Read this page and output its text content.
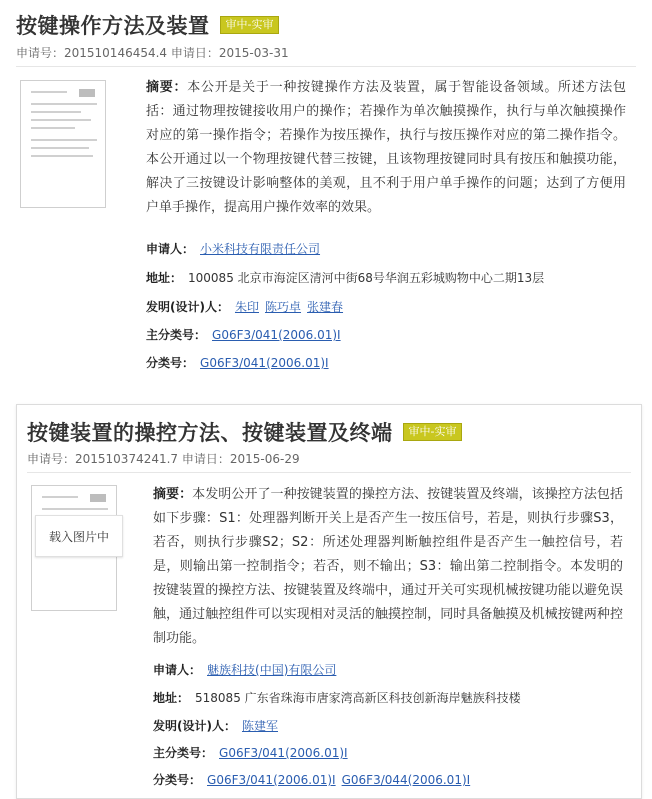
按键操作方法及装置	审中-实审
申请号：201510146454.4 申请日：2015-03-31
摘要：本公开是关于一种按键操作方法及装置，属于智能设备领域。所述方法包括：通过物理按键接收用户的操作；若操作为单次触摸操作，执行与单次触摸操作对应的第一操作指令；若操作为按压操作，执行与按压操作对应的第二操作指令。本公开通过以一个物理按键代替三按键，且该物理按键同时具有按压和触摸功能，解决了三按键设计影响整体的美观，且不利于用户单手操作的问题；达到了方便用户单手操作，提高用户操作效率的效果。
申请人： 小米科技有限责任公司
地址： 100085 北京市海淀区清河中街68号华润五彩城购物中心二期13层
发明(设计)人： 朱印 陈巧卓 张建春
主分类号： G06F3/041(2006.01)I
分类号： G06F3/041(2006.01)I
按键装置的操控方法、按键装置及终端	审中-实审
申请号：201510374241.7 申请日：2015-06-29
载入图片中
摘要：本发明公开了一种按键装置的操控方法、按键装置及终端，该操控方法包括如下步骤：S1：处理器判断开关上是否产生一按压信号，若是，则执行步骤S3，若否，则执行步骤S2；S2：所述处理器判断触控组件是否产生一触控信号，若是，则输出第一控制指令；若否，则不输出；S3：输出第二控制指令。本发明的按键装置的操控方法、按键装置及终端中，通过开关可实现机械按键功能以避免误触，通过触控组件可以实现相对灵活的触摸控制，同时具备触摸及机械按键两种控制功能。
申请人： 魅族科技(中国)有限公司
地址： 518085 广东省珠海市唐家湾高新区科技创新海岸魅族科技楼
发明(设计)人： 陈建军
主分类号： G06F3/041(2006.01)I
分类号： G06F3/041(2006.01)I G06F3/044(2006.01)I
